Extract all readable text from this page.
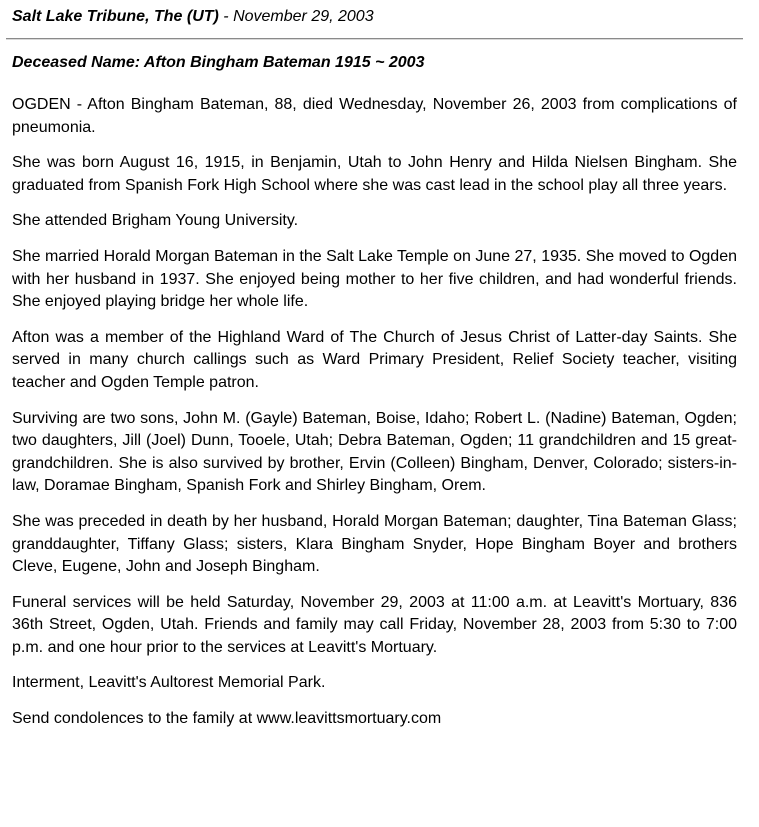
Salt Lake Tribune, The (UT) - November 29, 2003
Deceased Name: Afton Bingham Bateman 1915 ~ 2003

OGDEN - Afton Bingham Bateman, 88, died Wednesday, November 26, 2003 from complications of pneumonia.

She was born August 16, 1915, in Benjamin, Utah to John Henry and Hilda Nielsen Bingham. She graduated from Spanish Fork High School where she was cast lead in the school play all three years.

She attended Brigham Young University.

She married Horald Morgan Bateman in the Salt Lake Temple on June 27, 1935. She moved to Ogden with her husband in 1937. She enjoyed being mother to her five children, and had wonderful friends. She enjoyed playing bridge her whole life.

Afton was a member of the Highland Ward of The Church of Jesus Christ of Latter-day Saints. She served in many church callings such as Ward Primary President, Relief Society teacher, visiting teacher and Ogden Temple patron.

Surviving are two sons, John M. (Gayle) Bateman, Boise, Idaho; Robert L. (Nadine) Bateman, Ogden; two daughters, Jill (Joel) Dunn, Tooele, Utah; Debra Bateman, Ogden; 11 grandchildren and 15 great-grandchildren. She is also survived by brother, Ervin (Colleen) Bingham, Denver, Colorado; sisters-in-law, Doramae Bingham, Spanish Fork and Shirley Bingham, Orem.

She was preceded in death by her husband, Horald Morgan Bateman; daughter, Tina Bateman Glass; granddaughter, Tiffany Glass; sisters, Klara Bingham Snyder, Hope Bingham Boyer and brothers Cleve, Eugene, John and Joseph Bingham.

Funeral services will be held Saturday, November 29, 2003 at 11:00 a.m. at Leavitt's Mortuary, 836 36th Street, Ogden, Utah. Friends and family may call Friday, November 28, 2003 from 5:30 to 7:00 p.m. and one hour prior to the services at Leavitt's Mortuary.

Interment, Leavitt's Aultorest Memorial Park.

Send condolences to the family at www.leavittsmortuary.com
